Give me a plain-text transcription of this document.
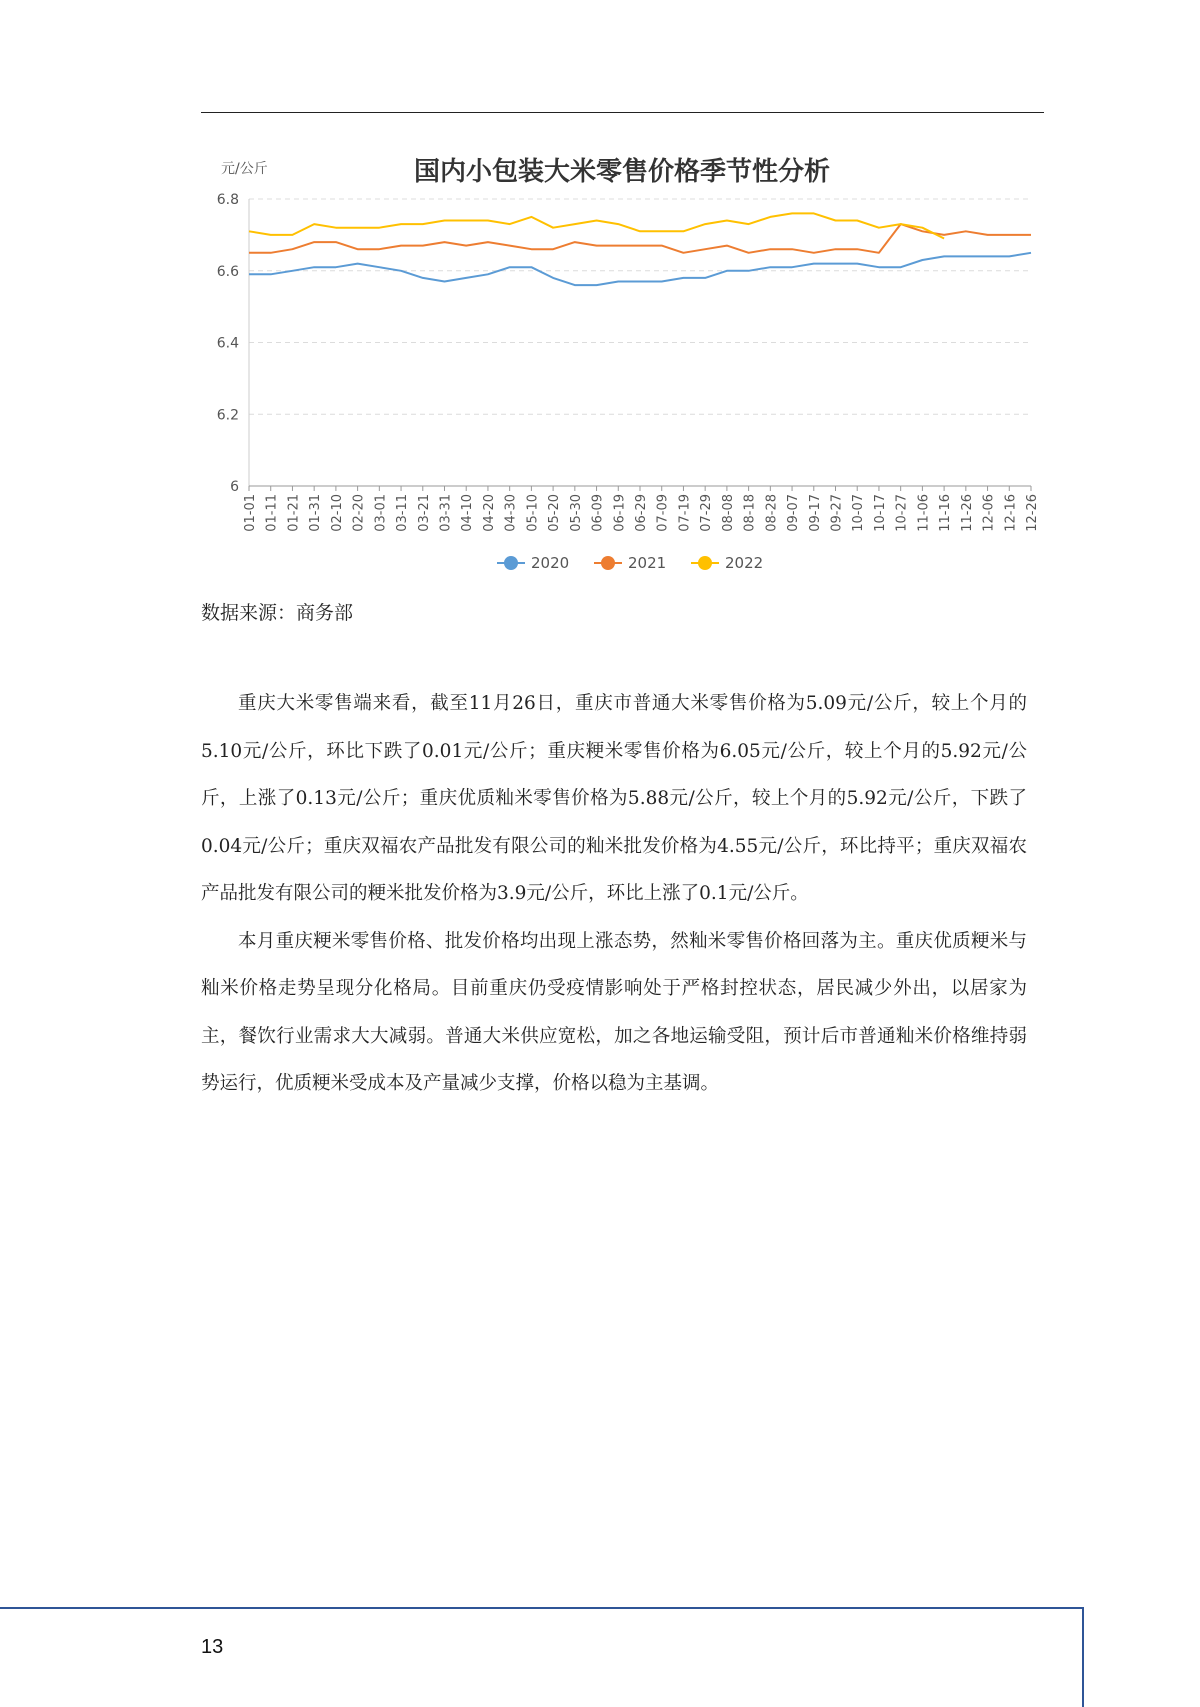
元/公斤	国内小包装大米零售价格季节性分析
6.8
6.6
6.4
6.2
6
01-01 01-11 01-21 01-31 02-10 02-20 03-01 03-11 03-21 03-31 04-10 04-20 04-30 05-10 05-20 05-30 06-09 06-19 06-29 07-09 07-19 07-29 08-08 08-18 08-28 09-07 09-17 09-27 10-07 10-17 10-27 11-06 11-16 11-26 12-06 12-16 12-26
2020	2021	2022
数据来源：商务部

重庆大米零售端来看，截至11月26日，重庆市普通大米零售价格为5.09元/公斤，较上个月的5.10元/公斤，环比下跌了0.01元/公斤；重庆粳米零售价格为6.05元/公斤，较上个月的5.92元/公斤，上涨了0.13元/公斤；重庆优质籼米零售价格为5.88元/公斤，较上个月的5.92元/公斤，下跌了0.04元/公斤；重庆双福农产品批发有限公司的籼米批发价格为4.55元/公斤，环比持平；重庆双福农产品批发有限公司的粳米批发价格为3.9元/公斤，环比上涨了0.1元/公斤。

本月重庆粳米零售价格、批发价格均出现上涨态势，然籼米零售价格回落为主。重庆优质粳米与籼米价格走势呈现分化格局。目前重庆仍受疫情影响处于严格封控状态，居民减少外出，以居家为主，餐饮行业需求大大减弱。普通大米供应宽松，加之各地运输受阻，预计后市普通籼米价格维持弱势运行，优质粳米受成本及产量减少支撑，价格以稳为主基调。

13
